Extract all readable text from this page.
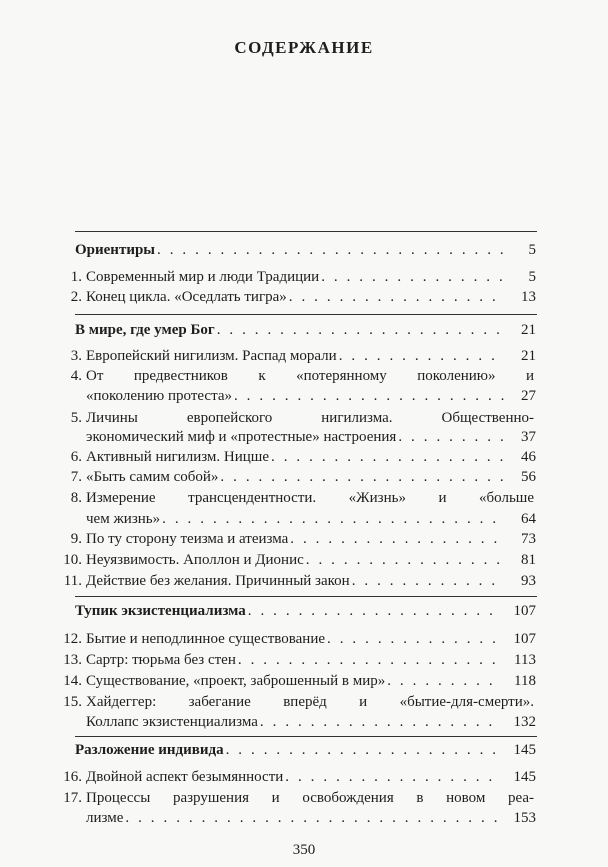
СОДЕРЖАНИЕ
Ориентиры . . .	5
1. Современный мир и люди Традиции . . .	5
2. Конец цикла. «Оседлать тигра» . . .	13
В мире, где умер Бог . . .	21
3. Европейский нигилизм. Распад морали . . .	21
4. От предвестников к «потерянному поколению» и
«поколению протеста» . . .	27
5. Личины европейского нигилизма. Общественно-
экономический миф и «протестные» настроения . . .	37
6. Активный нигилизм. Ницше . . .	46
7. «Быть самим собой» . . .	56
8. Измерение трансцендентности. «Жизнь» и «больше
чем жизнь» . . .	64
9. По ту сторону теизма и атеизма . . .	73
10. Неуязвимость. Аполлон и Дионис . . .	81
11. Действие без желания. Причинный закон . . .	93
Тупик экзистенциализма . . .	107
12. Бытие и неподлинное существование . . .	107
13. Сартр: тюрьма без стен . . .	113
14. Существование, «проект, заброшенный в мир» . . .	118
15. Хайдеггер: забегание вперёд и «бытие-для-смерти».
Коллапс экзистенциализма . . .	132
Разложение индивида . . .	145
16. Двойной аспект безымянности . . .	145
17. Процессы разрушения и освобождения в новом реа-
лизме . . .	153
350
